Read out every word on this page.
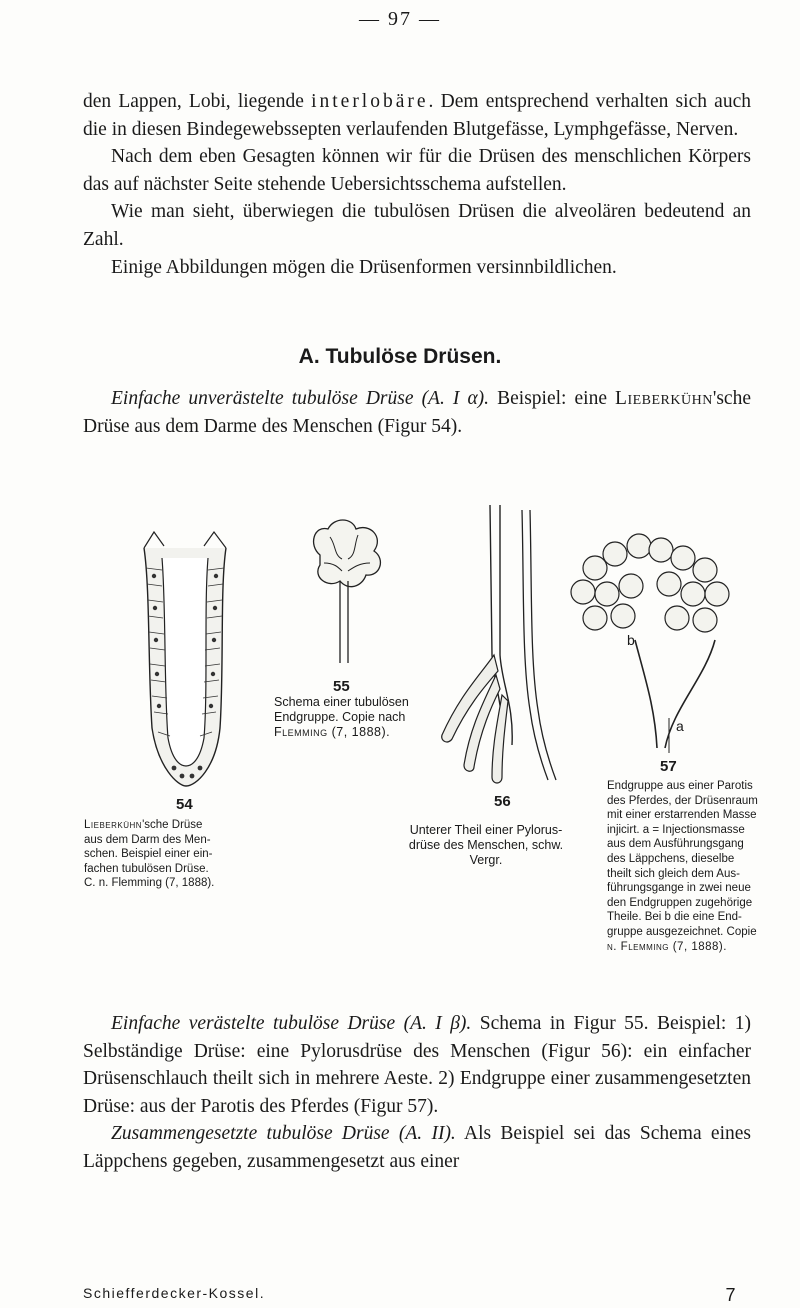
— 97 —

den Lappen, Lobi, liegende interlobäre. Dem entsprechend verhalten sich auch die in diesen Bindegewebssepten verlaufenden Blutgefässe, Lymphgefässe, Nerven.

Nach dem eben Gesagten können wir für die Drüsen des menschlichen Körpers das auf nächster Seite stehende Uebersichtsschema aufstellen.

Wie man sieht, überwiegen die tubulösen Drüsen die alveolären bedeutend an Zahl.

Einige Abbildungen mögen die Drüsenformen versinnbildlichen.

A. Tubulöse Drüsen.

Einfache unverästelte tubulöse Drüse (A. I α). Beispiel: eine Lieberkühn'sche Drüse aus dem Darme des Menschen (Figur 54).

54
Lieberkühn'sche Drüse
aus dem Darm des Men-
schen. Beispiel einer ein-
fachen tubulösen Drüse.
C. n. Flemming (7, 1888).
55
Schema einer tubulösen
Endgruppe. Copie nach
Flemming (7, 1888).
56
Unterer Theil einer Pylorus-
drüse des Menschen, schw.
Vergr.
b
a
57
Endgruppe aus einer Parotis
des Pferdes, der Drüsenraum
mit einer erstarrenden Masse
injicirt. a = Injectionsmasse
aus dem Ausführungsgang
des Läppchens, dieselbe
theilt sich gleich dem Aus-
führungsgange in zwei neue
den Endgruppen zugehörige
Theile. Bei b die eine End-
gruppe ausgezeichnet. Copie
n. Flemming (7, 1888).

Einfache verästelte tubulöse Drüse (A. I β). Schema in Figur 55. Beispiel: 1) Selbständige Drüse: eine Pylorusdrüse des Menschen (Figur 56): ein einfacher Drüsenschlauch theilt sich in mehrere Aeste. 2) Endgruppe einer zusammengesetzten Drüse: aus der Parotis des Pferdes (Figur 57).

Zusammengesetzte tubulöse Drüse (A. II). Als Beispiel sei das Schema eines Läppchens gegeben, zusammengesetzt aus einer

Schiefferdecker-Kossel.	7
